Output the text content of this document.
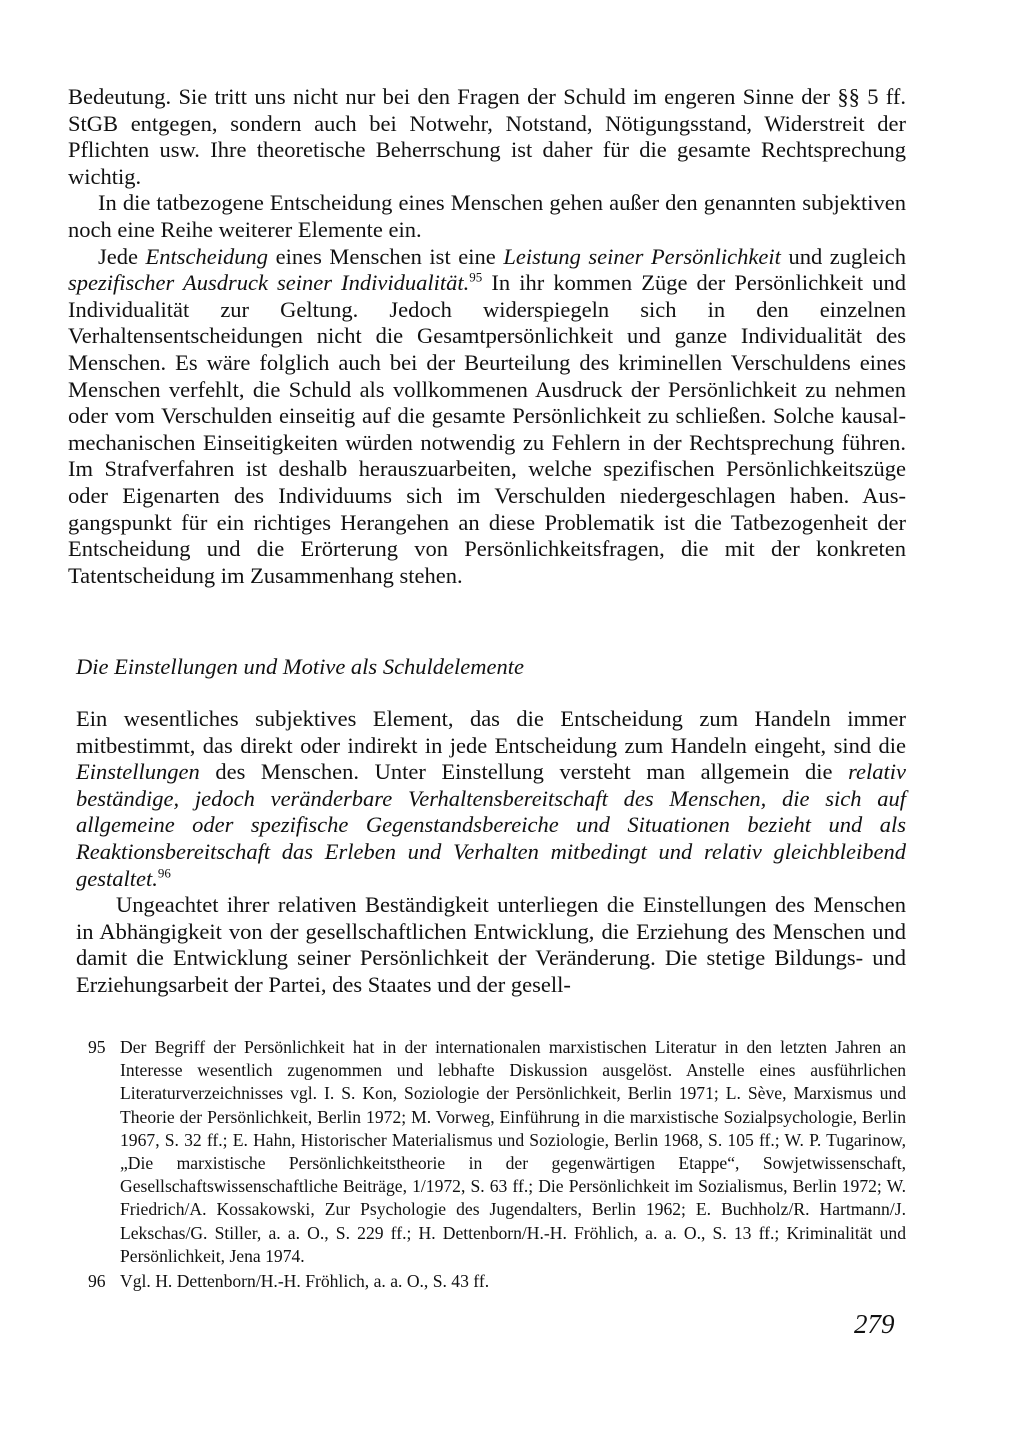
Bedeutung. Sie tritt uns nicht nur bei den Fragen der Schuld im engeren Sinne der §§ 5 ff. StGB entgegen, sondern auch bei Notwehr, Notstand, Nötigungsstand, Widerstreit der Pflichten usw. Ihre theoretische Beherrschung ist daher für die gesamte Rechtsprechung wichtig.

In die tatbezogene Entscheidung eines Menschen gehen außer den genannten subjektiven noch eine Reihe weiterer Elemente ein.

Jede Entscheidung eines Menschen ist eine Leistung seiner Persönlichkeit und zugleich spezifischer Ausdruck seiner Individualität.$^{95}$ In ihr kommen Züge der Persönlichkeit und Individualität zur Geltung. Jedoch widerspiegeln sich in den einzelnen Verhaltensentscheidungen nicht die Gesamtpersönlichkeit und ganze Individualität des Menschen. Es wäre folglich auch bei der Beurteilung des kriminellen Verschuldens eines Menschen verfehlt, die Schuld als vollkommenen Ausdruck der Persönlichkeit zu nehmen oder vom Verschulden einseitig auf die gesamte Persönlichkeit zu schließen. Solche kausal-mechanischen Einseitigkeiten würden notwendig zu Fehlern in der Rechtsprechung führen. Im Strafverfahren ist deshalb herauszuarbeiten, welche spezifischen Persönlichkeitszüge oder Eigenarten des Individuums sich im Verschulden niedergeschlagen haben. Ausgangspunkt für ein richtiges Herangehen an diese Problematik ist die Tatbezogenheit der Entscheidung und die Erörterung von Persönlichkeitsfragen, die mit der konkreten Tatentscheidung im Zusammenhang stehen.

Die Einstellungen und Motive als Schuldelemente

Ein wesentliches subjektives Element, das die Entscheidung zum Handeln immer mitbestimmt, das direkt oder indirekt in jede Entscheidung zum Handeln eingeht, sind die Einstellungen des Menschen. Unter Einstellung versteht man allgemein die relativ beständige, jedoch veränderbare Verhaltensbereitschaft des Menschen, die sich auf allgemeine oder spezifische Gegenstandsbereiche und Situationen bezieht und als Reaktionsbereitschaft das Erleben und Verhalten mitbedingt und relativ gleichbleibend gestaltet.$^{96}$

Ungeachtet ihrer relativen Beständigkeit unterliegen die Einstellungen des Menschen in Abhängigkeit von der gesellschaftlichen Entwicklung, die Erziehung des Menschen und damit die Entwicklung seiner Persönlichkeit der Veränderung. Die stetige Bildungs- und Erziehungsarbeit der Partei, des Staates und der gesell-

95 Der Begriff der Persönlichkeit hat in der internationalen marxistischen Literatur in den letzten Jahren an Interesse wesentlich zugenommen und lebhafte Diskussion ausgelöst. Anstelle eines ausführlichen Literaturverzeichnisses vgl. I. S. Kon, Soziologie der Persönlichkeit, Berlin 1971; L. Sève, Marxismus und Theorie der Persönlichkeit, Berlin 1972; M. Vorweg, Einführung in die marxistische Sozialpsychologie, Berlin 1967, S. 32 ff.; E. Hahn, Historischer Materialismus und Soziologie, Berlin 1968, S. 105 ff.; W. P. Tugarinow, „Die marxistische Persönlichkeitstheorie in der gegenwärtigen Etappe“, Sowjetwissenschaft, Gesellschaftswissenschaftliche Beiträge, 1/1972, S. 63 ff.; Die Persönlichkeit im Sozialismus, Berlin 1972; W. Friedrich/A. Kossakowski, Zur Psychologie des Jugendalters, Berlin 1962; E. Buchholz/R. Hartmann/J. Lekschas/G. Stiller, a. a. O., S. 229 ff.; H. Dettenborn/H.-H. Fröhlich, a. a. O., S. 13 ff.; Kriminalität und Persönlichkeit, Jena 1974.
96 Vgl. H. Dettenborn/H.-H. Fröhlich, a. a. O., S. 43 ff.
279
